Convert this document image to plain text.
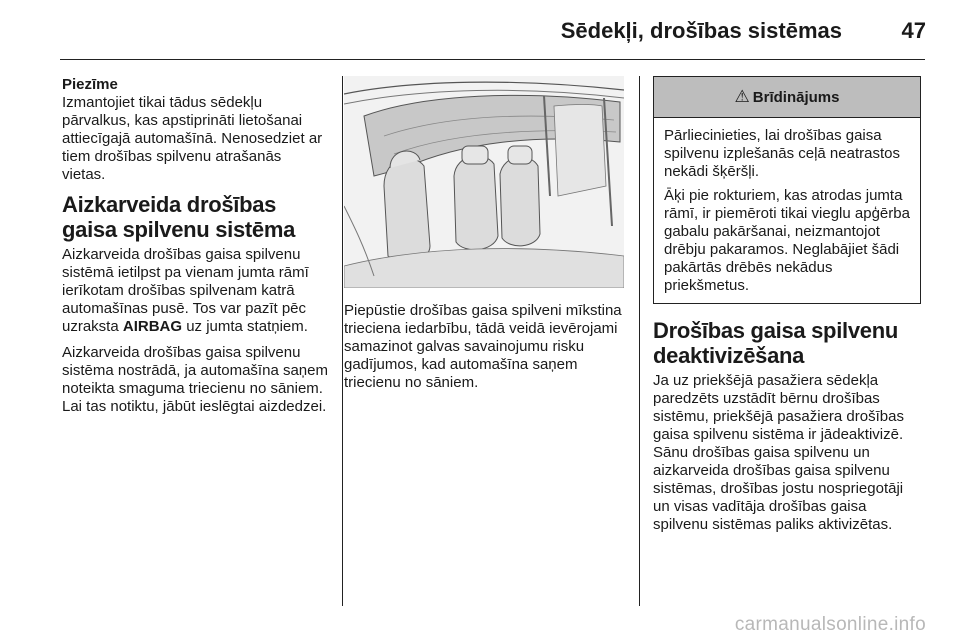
Sēdekļi, drošības sistēmas	47

Piezīme

Izmantojiet tikai tādus sēdekļu pārvalkus, kas apstiprināti lietošanai attiecīgajā automašīnā. Nenosedziet ar tiem drošības spilvenu atrašanās vietas.

Aizkarveida drošības gaisa spilvenu sistēma

Aizkarveida drošības gaisa spilvenu sistēmā ietilpst pa vienam jumta rāmī ierīkotam drošības spilvenam katrā automašīnas pusē. Tos var pazīt pēc uzraksta AIRBAG uz jumta statņiem.

Aizkarveida drošības gaisa spilvenu sistēma nostrādā, ja automašīna saņem noteikta smaguma triecienu no sāniem. Lai tas notiktu, jābūt ieslēgtai aizdedzei.

Piepūstie drošības gaisa spilveni mīkstina trieciena iedarbību, tādā veidā ievērojami samazinot galvas savainojumu risku gadījumos, kad automašīna saņem triecienu no sāniem.

⚠ Brīdinājums

Pārliecinieties, lai drošības gaisa spilvenu izplešanās ceļā neatrastos nekādi šķēršļi.

Āķi pie rokturiem, kas atrodas jumta rāmī, ir piemēroti tikai vieglu apģērba gabalu pakāršanai, neizmantojot drēbju pakaramos. Neglabājiet šādi pakārtās drēbēs nekādus priekšmetus.

Drošības gaisa spilvenu deaktivizēšana

Ja uz priekšējā pasažiera sēdekļa paredzēts uzstādīt bērnu drošības sistēmu, priekšējā pasažiera drošības gaisa spilvenu sistēma ir jādeaktivizē. Sānu drošības gaisa spilvenu un aizkarveida drošības gaisa spilvenu sistēmas, drošības jostu nospriegotāji un visas vadītāja drošības gaisa spilvenu sistēmas paliks aktivizētas.

carmanualsonline.info
